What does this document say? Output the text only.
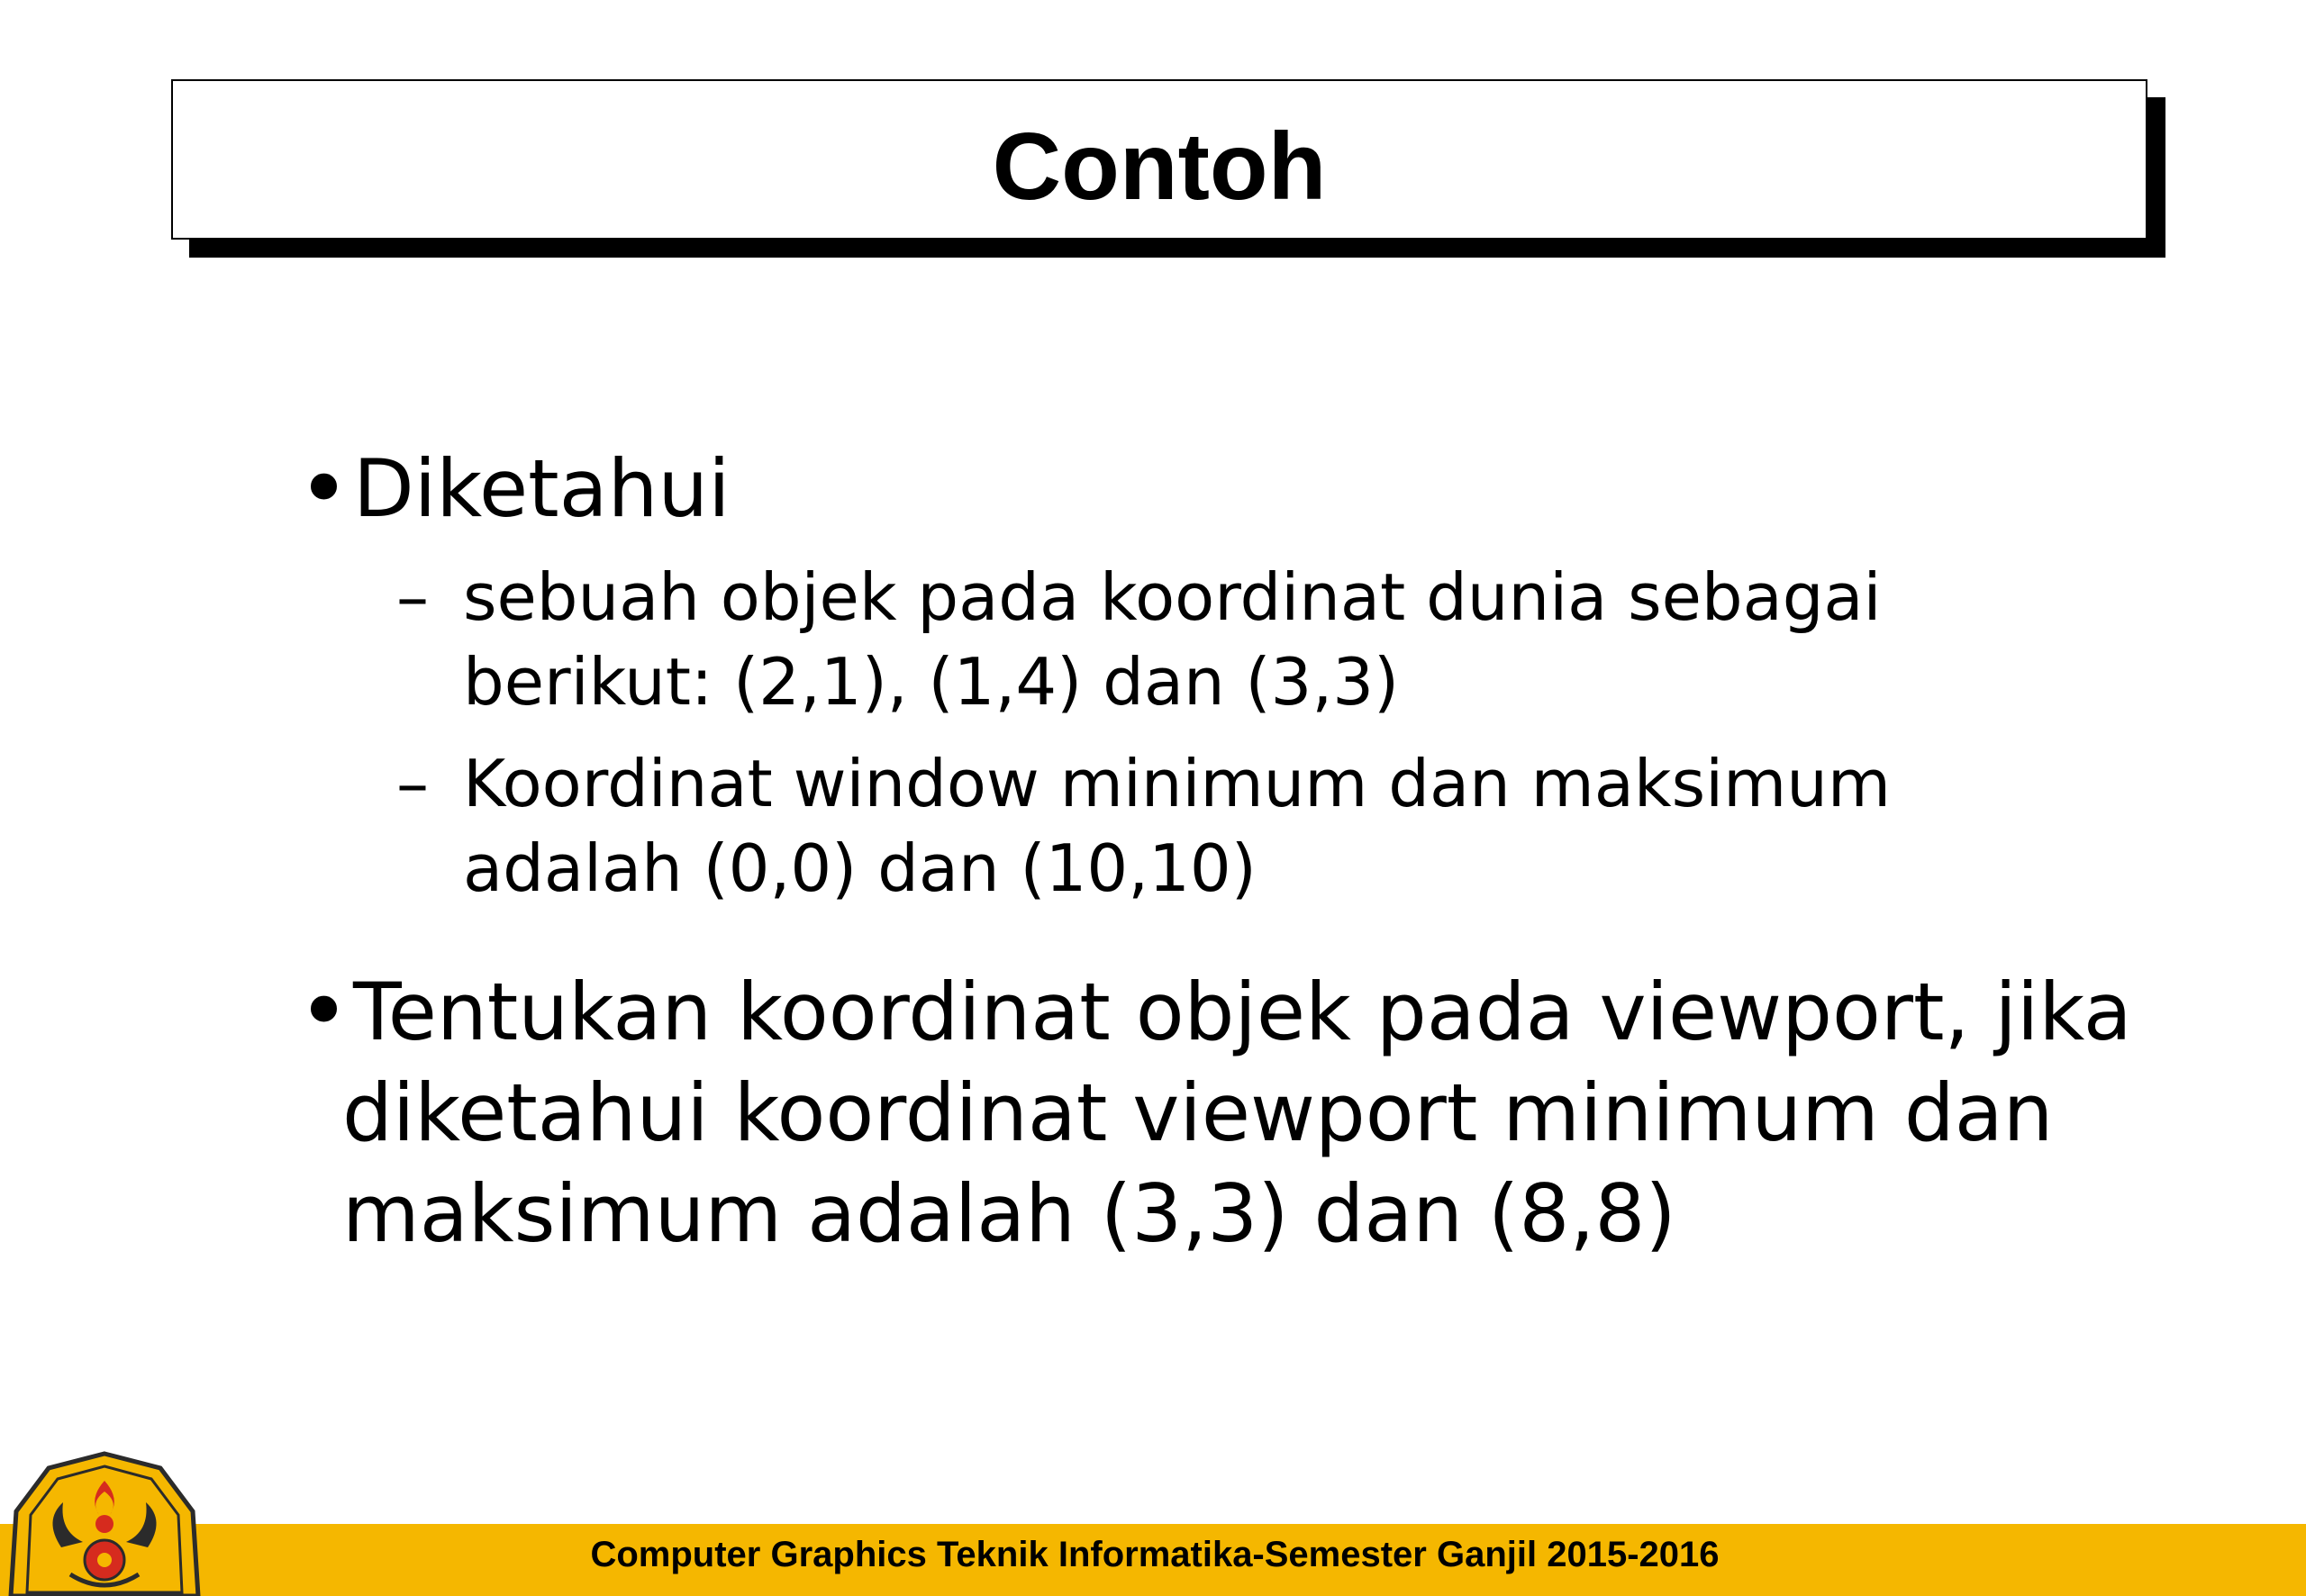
Contoh
• Diketahui
– sebuah objek pada koordinat dunia sebagai berikut: (2,1), (1,4) dan (3,3)
– Koordinat window minimum dan maksimum adalah (0,0) dan (10,10)
• Tentukan koordinat objek pada viewport, jika diketahui koordinat viewport minimum dan maksimum adalah (3,3) dan (8,8)
Computer Graphics Teknik Informatika-Semester Ganjil 2015-2016
